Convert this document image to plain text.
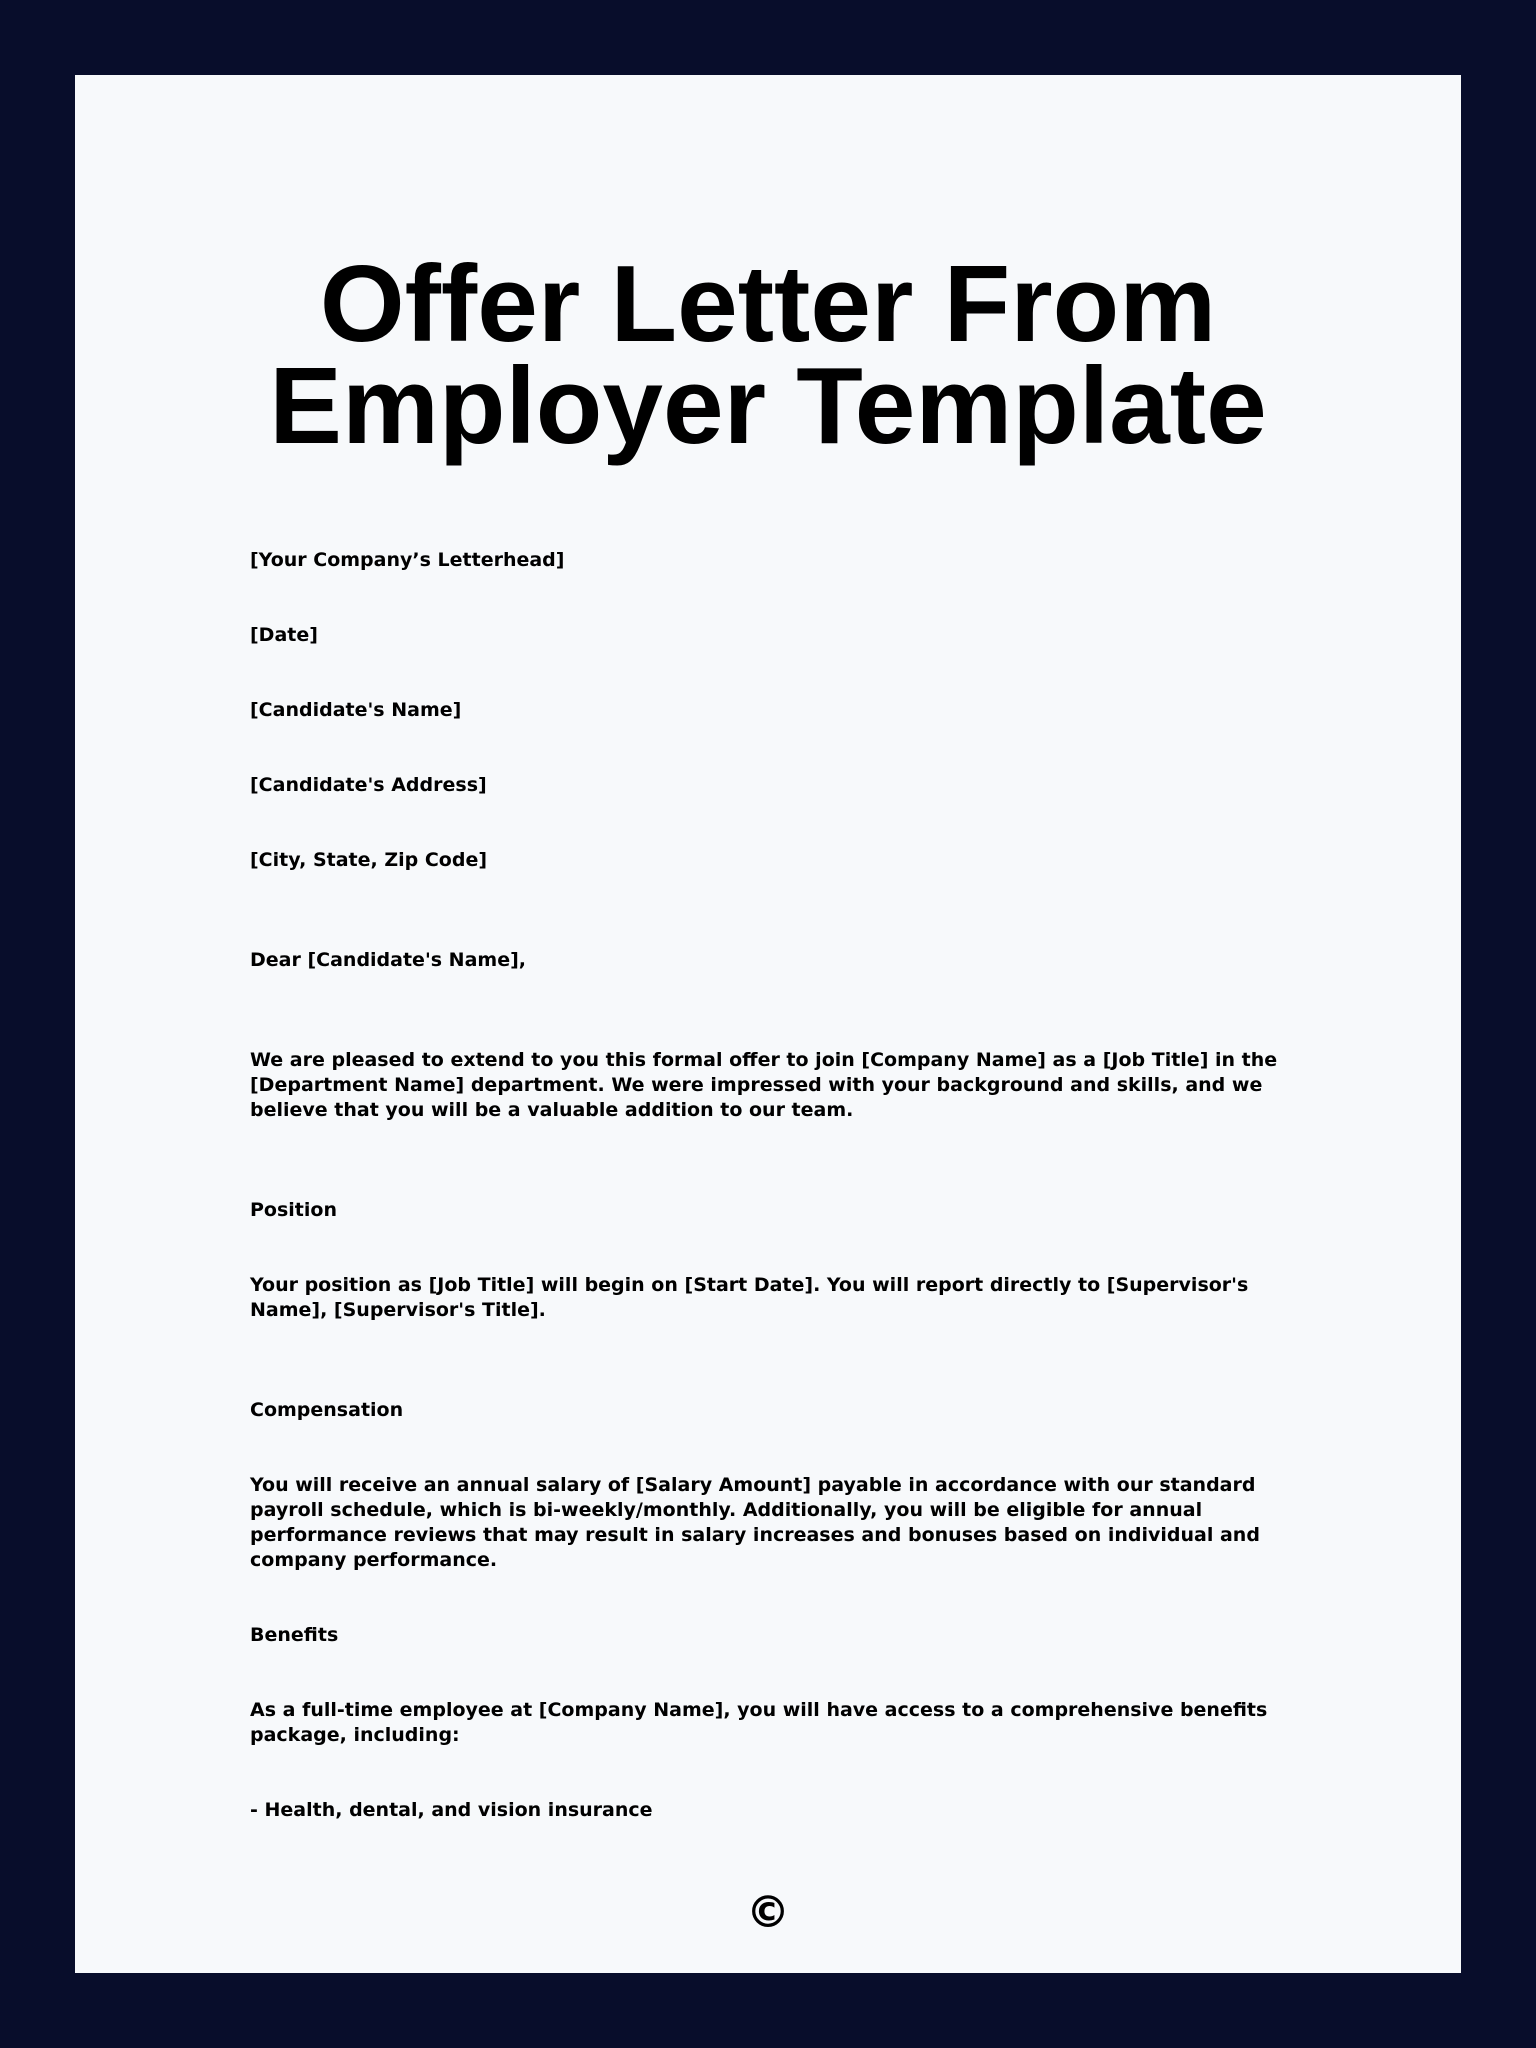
Offer Letter From Employer Template

[Your Company’s Letterhead]

[Date]

[Candidate's Name]

[Candidate's Address]

[City, State, Zip Code]

Dear [Candidate's Name],

We are pleased to extend to you this formal offer to join [Company Name] as a [Job Title] in the [Department Name] department. We were impressed with your background and skills, and we believe that you will be a valuable addition to our team.

Position

Your position as [Job Title] will begin on [Start Date]. You will report directly to [Supervisor's Name], [Supervisor's Title].

Compensation

You will receive an annual salary of [Salary Amount] payable in accordance with our standard payroll schedule, which is bi-weekly/monthly. Additionally, you will be eligible for annual performance reviews that may result in salary increases and bonuses based on individual and company performance.

Benefits

As a full-time employee at [Company Name], you will have access to a comprehensive benefits package, including:

- Health, dental, and vision insurance

©
